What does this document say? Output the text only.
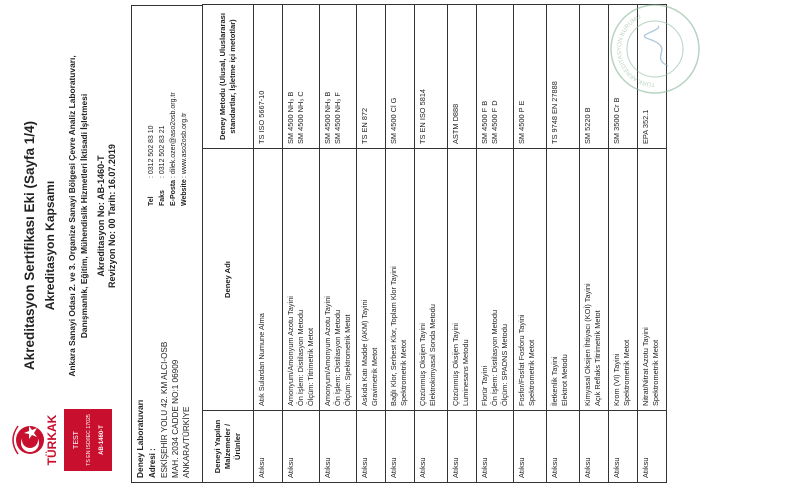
Akreditasyon Sertifikası Eki (Sayfa 1/4) Akreditasyon Kapsamı Ankara Sanayi Odası 2. ve 3. Organize Sanayi Bölgesi Çevre Analiz Laboratuvarı, Danışmanlık, Eğitim, Mühendislik Hizmetleri İktisadi İşletmesi Akreditasyon No: AB-1460-T Revizyon No: 00 Tarih: 16.07.2019
TÜRKAK TEST TS EN ISO/IEC 17025 AB-1460-T	Deney Laboratuvarı Adresi : ESKİŞEHİR YOLU 42. KM ALCI-OSB MAH. 2034 CADDE NO:1 06909 ANKARA/TÜRKİYE
Tel: 0312 502 83 10
Faks: 0312 502 83 21
E-Posta: dilek.ozer@aso2osb.org.tr
Website: www.aso2osb.org.tr
Deneyi Yapılan Malzemeler / Ürünler	Deney Adı	Deney Metodu (Ulusal, Uluslararası standartlar, İşletme içi metotlar)
Atıksu	Atık Sulardan Numune Alma	TS ISO 5667-10

Atıksu	Amonyum/Amonyum Azotu Tayini Ön İşlem: Distilasyon Metodu Ölçüm: Titrimetrik Metot	SM 4500 NH₃ B SM 4500 NH₃ C

Atıksu	Amonyum/Amonyum Azotu Tayini Ön İşlem: Distilasyon Metodu Ölçüm: Spektrometrik Metot	SM 4500 NH₃ B SM 4500 NH₃ F

Atıksu	Askıda Katı Madde (AKM) Tayini Gravimetrik Metot	TS EN 872

Atıksu	Bağlı Klor, Serbest Klor, Toplam Klor Tayini Spektrometrik Metot	SM 4500 Cl G

Atıksu	Çözünmüş Oksijen Tayini Elektrokimyasal Sonda Metodu	TS EN ISO 5814

Atıksu	Çözünmüş Oksijen Tayini Luminesans Metodu	ASTM D888

Atıksu	Florür Tayini Ön İşlem: Distilasyon Metodu Ölçüm: SPADNS Metodu	SM 4500 F B SM 4500 F D

Atıksu	Fosfor/Fosfat Fosforu Tayini Spektrometrik Metot	SM 4500 P E

Atıksu	İletkenlik Tayini Elektrot Metodu	TS 9748 EN 27888

Atıksu	Kimyasal Oksijen İhtiyacı (KOİ) Tayini Açık Reflaks Titrimetrik Metot	SM 5220 B

Atıksu	Krom (VI) Tayini Spektrometrik Metot	SM 3500 Cr B

Atıksu	Nitrat/Nitrat Azotu Tayini Spektrometrik Metot	EPA 352.1
TÜRK AKREDİTASYON KURUMU
